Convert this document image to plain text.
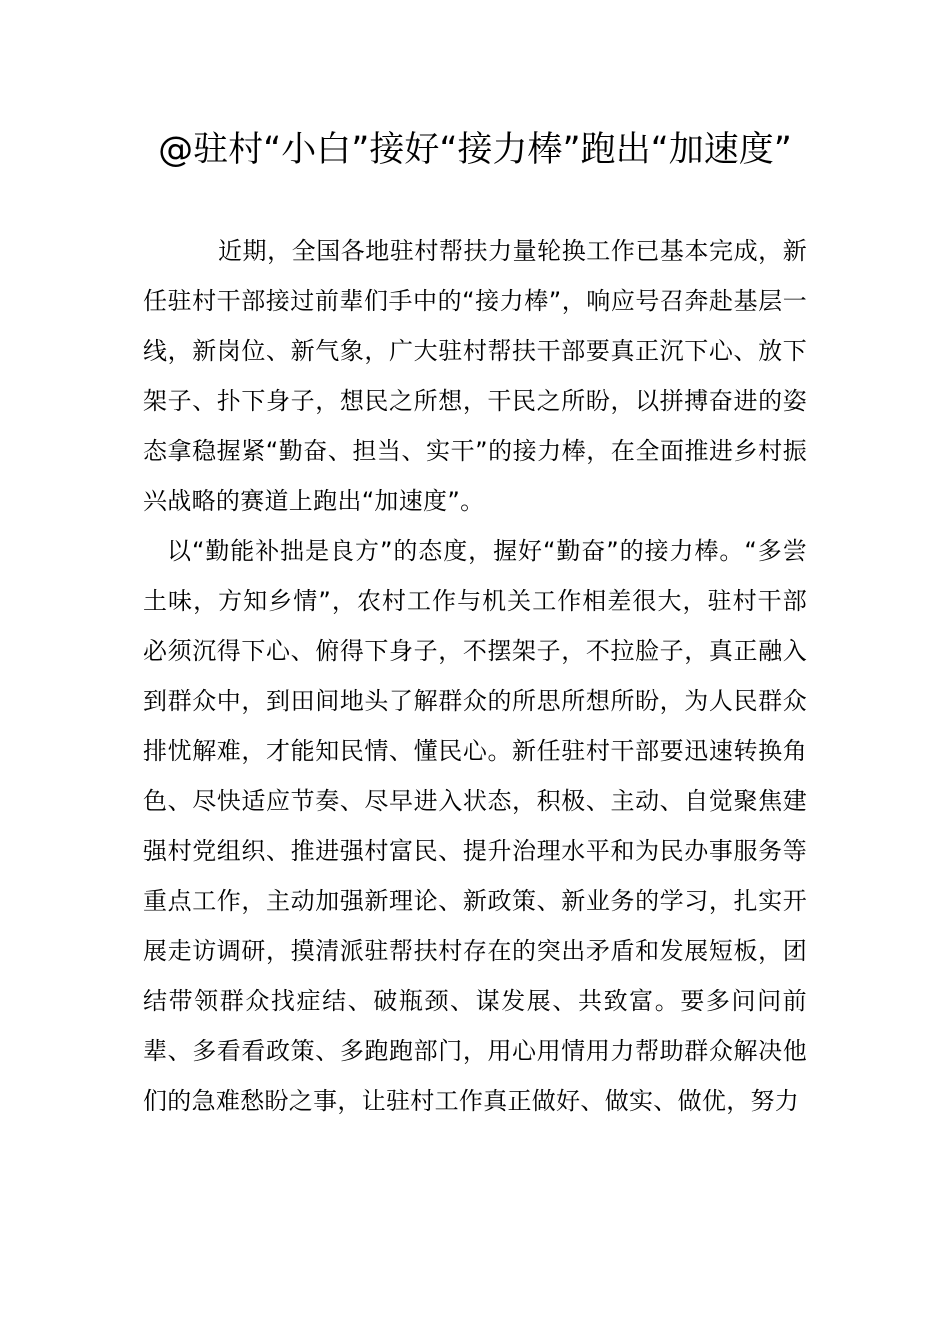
@驻村“小白”接好“接力棒”跑出“加速度”

近期，全国各地驻村帮扶力量轮换工作已基本完成，新任驻村干部接过前辈们手中的“接力棒”，响应号召奔赴基层一线，新岗位、新气象，广大驻村帮扶干部要真正沉下心、放下架子、扑下身子，想民之所想，干民之所盼，以拼搏奋进的姿态拿稳握紧“勤奋、担当、实干”的接力棒，在全面推进乡村振兴战略的赛道上跑出“加速度”。

以“勤能补拙是良方”的态度，握好“勤奋”的接力棒。“多尝土味，方知乡情”，农村工作与机关工作相差很大，驻村干部必须沉得下心、俯得下身子，不摆架子，不拉脸子，真正融入到群众中，到田间地头了解群众的所思所想所盼，为人民群众排忧解难，才能知民情、懂民心。新任驻村干部要迅速转换角色、尽快适应节奏、尽早进入状态，积极、主动、自觉聚焦建强村党组织、推进强村富民、提升治理水平和为民办事服务等重点工作，主动加强新理论、新政策、新业务的学习，扎实开展走访调研，摸清派驻帮扶村存在的突出矛盾和发展短板，团结带领群众找症结、破瓶颈、谋发展、共致富。要多问问前辈、多看看政策、多跑跑部门，用心用情用力帮助群众解决他们的急难愁盼之事，让驻村工作真正做好、做实、做优，努力
